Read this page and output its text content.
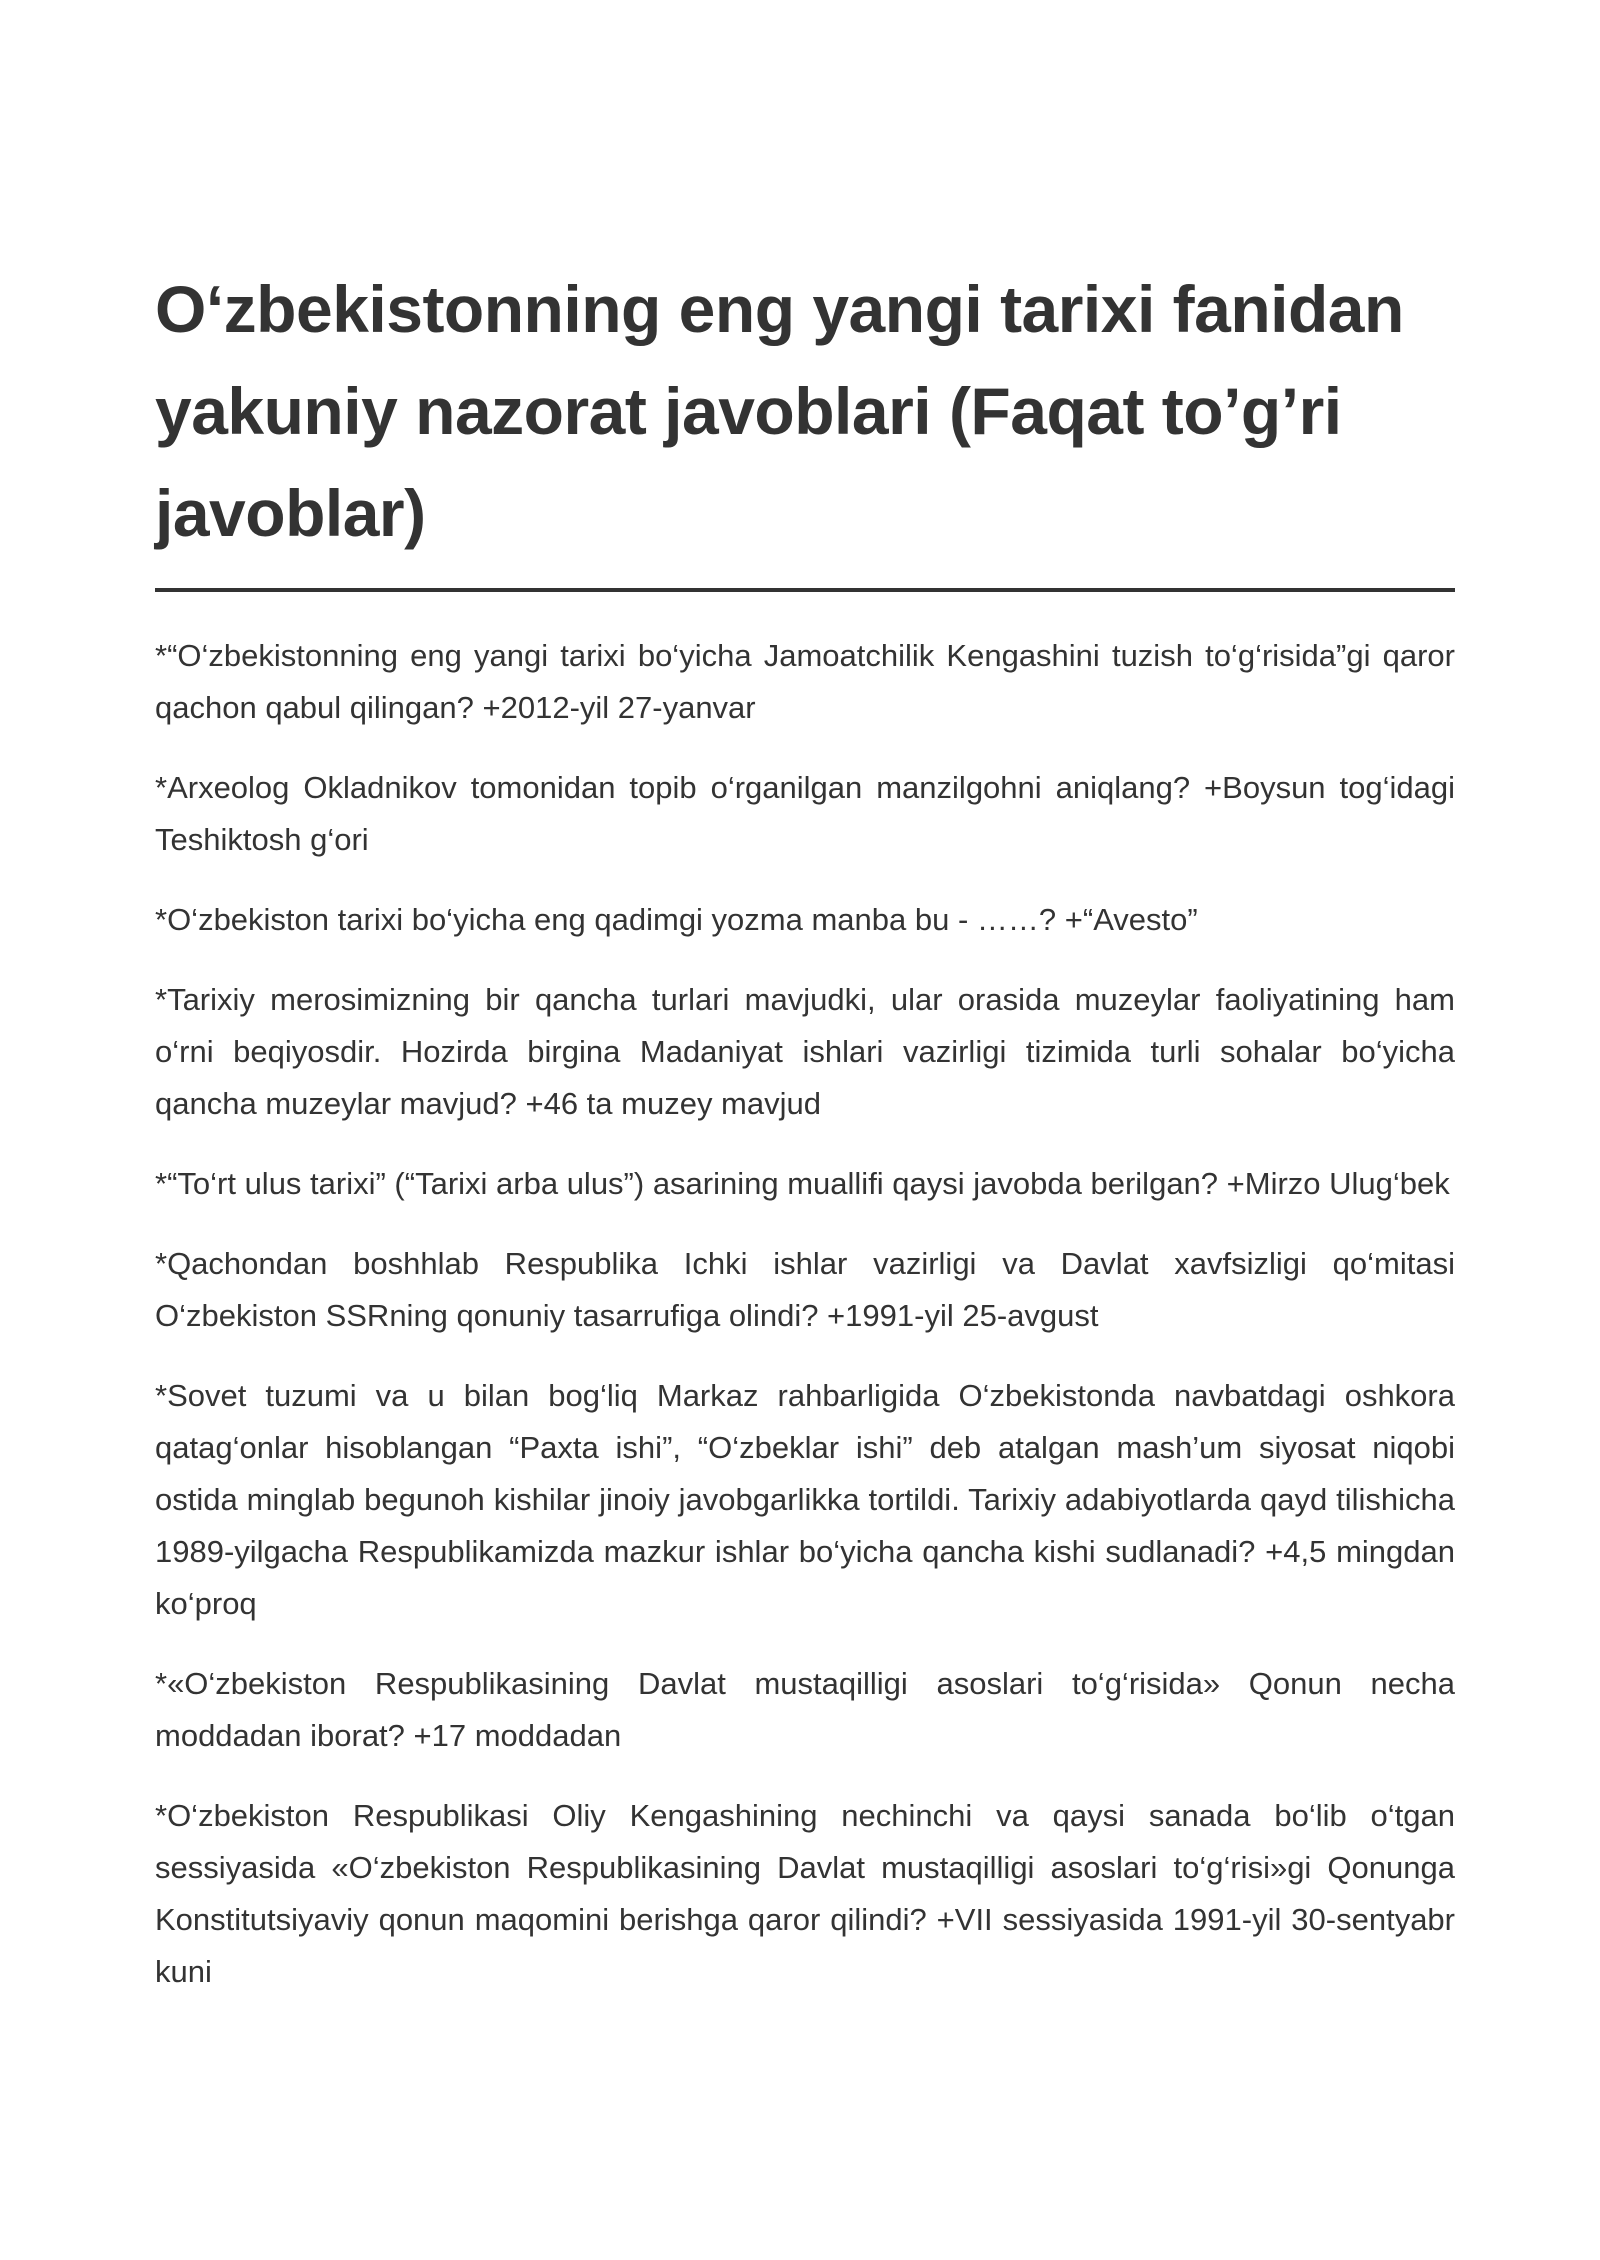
O‘zbekistonning eng yangi tarixi fanidan yakuniy nazorat javoblari (Faqat to’g’ri javoblar)

*“O‘zbekistonning eng yangi tarixi bo‘yicha Jamoatchilik Kengashini tuzish to‘g‘risida”gi qaror qachon qabul qilingan? +2012-yil 27-yanvar

*Arxeolog Okladnikov tomonidan topib o‘rganilgan manzilgohni aniqlang? +Boysun tog‘idagi Teshiktosh g‘ori

*O‘zbekiston tarixi bo‘yicha eng qadimgi yozma manba bu - ……? +“Avesto”

*Tarixiy merosimizning bir qancha turlari mavjudki, ular orasida muzeylar faoliyatining ham o‘rni beqiyosdir. Hozirda birgina Madaniyat ishlari vazirligi tizimida turli sohalar bo‘yicha qancha muzeylar mavjud? +46 ta muzey mavjud

*“To‘rt ulus tarixi” (“Tarixi arba ulus”) asarining muallifi qaysi javobda berilgan? +Mirzo Ulug‘bek

*Qachondan boshhlab Respublika Ichki ishlar vazirligi va Davlat xavfsizligi qo‘mitasi O‘zbekiston SSRning qonuniy tasarrufiga olindi? +1991-yil 25-avgust

*Sovet tuzumi va u bilan bog‘liq Markaz rahbarligida O‘zbekistonda navbatdagi oshkora qatag‘onlar hisoblangan “Paxta ishi”, “O‘zbeklar ishi” deb atalgan mash’um siyosat niqobi ostida minglab begunoh kishilar jinoiy javobgarlikka tortildi. Tarixiy adabiyotlarda qayd tilishicha 1989-yilgacha Respublikamizda mazkur ishlar bo‘yicha qancha kishi sudlanadi? +4,5 mingdan ko‘proq

*«O‘zbekiston Respublikasining Davlat mustaqilligi asoslari to‘g‘risida» Qonun necha moddadan iborat? +17 moddadan

*O‘zbekiston Respublikasi Oliy Kengashining nechinchi va qaysi sanada bo‘lib o‘tgan sessiyasida «O‘zbekiston Respublikasining Davlat mustaqilligi asoslari to‘g‘risi»gi Qonunga Konstitutsiyaviy qonun maqomini berishga qaror qilindi? +VII sessiyasida 1991-yil 30-sentyabr kuni
